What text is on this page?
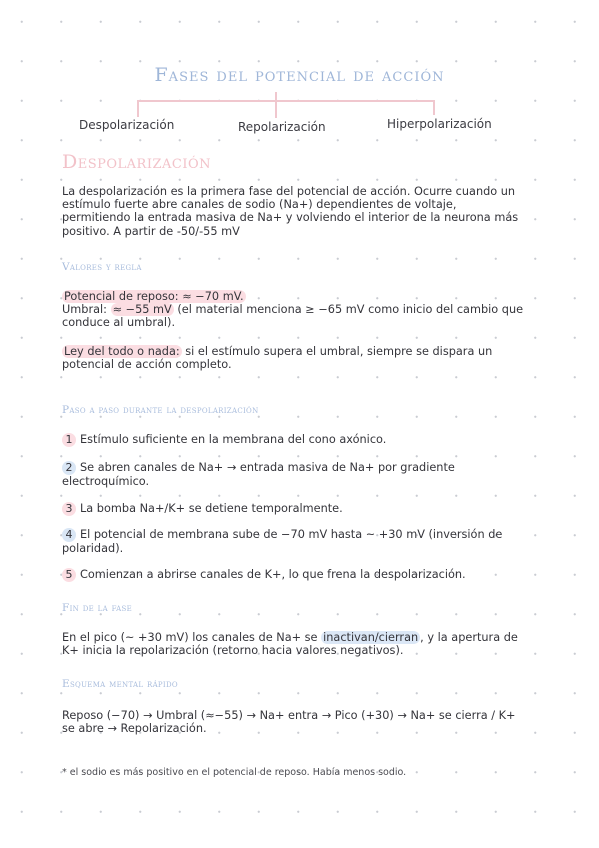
Fases del potencial de acción
Despolarización	Repolarización	Hiperpolarización
Despolarización
La despolarización es la primera fase del potencial de acción. Ocurre cuando un estímulo fuerte abre canales de sodio (Na+) dependientes de voltaje, permitiendo la entrada masiva de Na+ y volviendo el interior de la neurona más positivo. A partir de -50/-55 mV
Valores y regla
Potencial de reposo: ≈ −70 mV.
Umbral: ≈ −55 mV (el material menciona ≥ −65 mV como inicio del cambio que conduce al umbral).
Ley del todo o nada: si el estímulo supera el umbral, siempre se dispara un potencial de acción completo.
Paso a paso durante la despolarización
1 Estímulo suficiente en la membrana del cono axónico.
2 Se abren canales de Na+ → entrada masiva de Na+ por gradiente electroquímico.
3 La bomba Na+/K+ se detiene temporalmente.
4 El potencial de membrana sube de −70 mV hasta ~ +30 mV (inversión de polaridad).
5 Comienzan a abrirse canales de K+, lo que frena la despolarización.
Fin de la fase
En el pico (~ +30 mV) los canales de Na+ se inactivan/cierran , y la apertura de K+ inicia la repolarización (retorno hacia valores negativos).
Esquema mental rápido
Reposo (−70) → Umbral (≈−55) → Na+ entra → Pico (+30) → Na+ se cierra / K+ se abre → Repolarización.
* el sodio es más positivo en el potencial de reposo. Había menos sodio.
